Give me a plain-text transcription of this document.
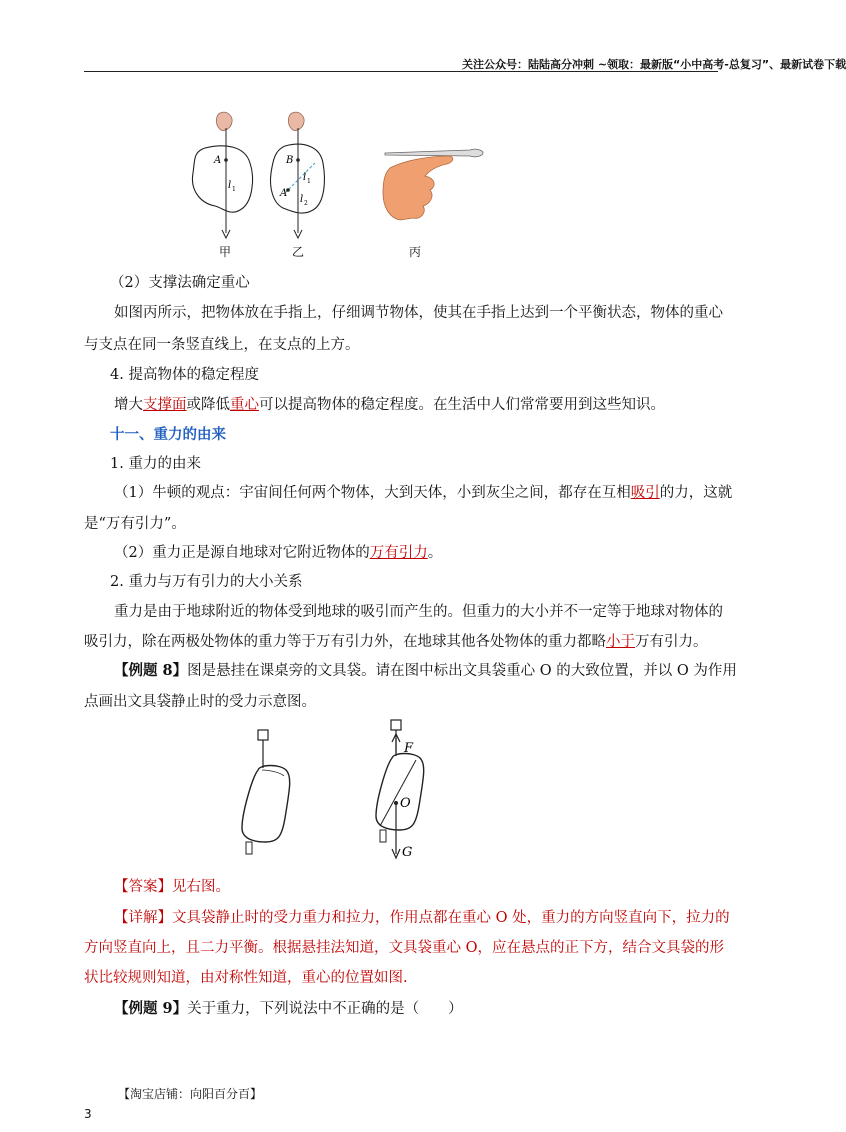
关注公众号：陆陆高分冲刺 ~领取：最新版“小中高考-总复习”、最新试卷下载
A
l 1
B
A
l 1
l 2
甲	乙	丙
（2）支撑法确定重心
如图丙所示，把物体放在手指上，仔细调节物体，使其在手指上达到一个平衡状态，物体的重心
与支点在同一条竖直线上，在支点的上方。
4. 提高物体的稳定程度
增大支撑面或降低重心可以提高物体的稳定程度。在生活中人们常常要用到这些知识。
十一、重力的由来
1. 重力的由来
（1）牛顿的观点：宇宙间任何两个物体，大到天体，小到灰尘之间，都存在互相吸引的力，这就
是“万有引力”。
（2）重力正是源自地球对它附近物体的万有引力。
2. 重力与万有引力的大小关系
重力是由于地球附近的物体受到地球的吸引而产生的。但重力的大小并不一定等于地球对物体的
吸引力，除在两极处物体的重力等于万有引力外，在地球其他各处物体的重力都略小于万有引力。
【例题 8】图是悬挂在课桌旁的文具袋。请在图中标出文具袋重心 O 的大致位置，并以 O 为作用
点画出文具袋静止时的受力示意图。
F
O
G
【答案】见右图。
【详解】文具袋静止时的受力重力和拉力，作用点都在重心 O 处，重力的方向竖直向下，拉力的
方向竖直向上，且二力平衡。根据悬挂法知道，文具袋重心 O，应在悬点的正下方，结合文具袋的形
状比较规则知道，由对称性知道，重心的位置如图.
【例题 9】关于重力，下列说法中不正确的是（　　）
【淘宝店铺：向阳百分百】
3
